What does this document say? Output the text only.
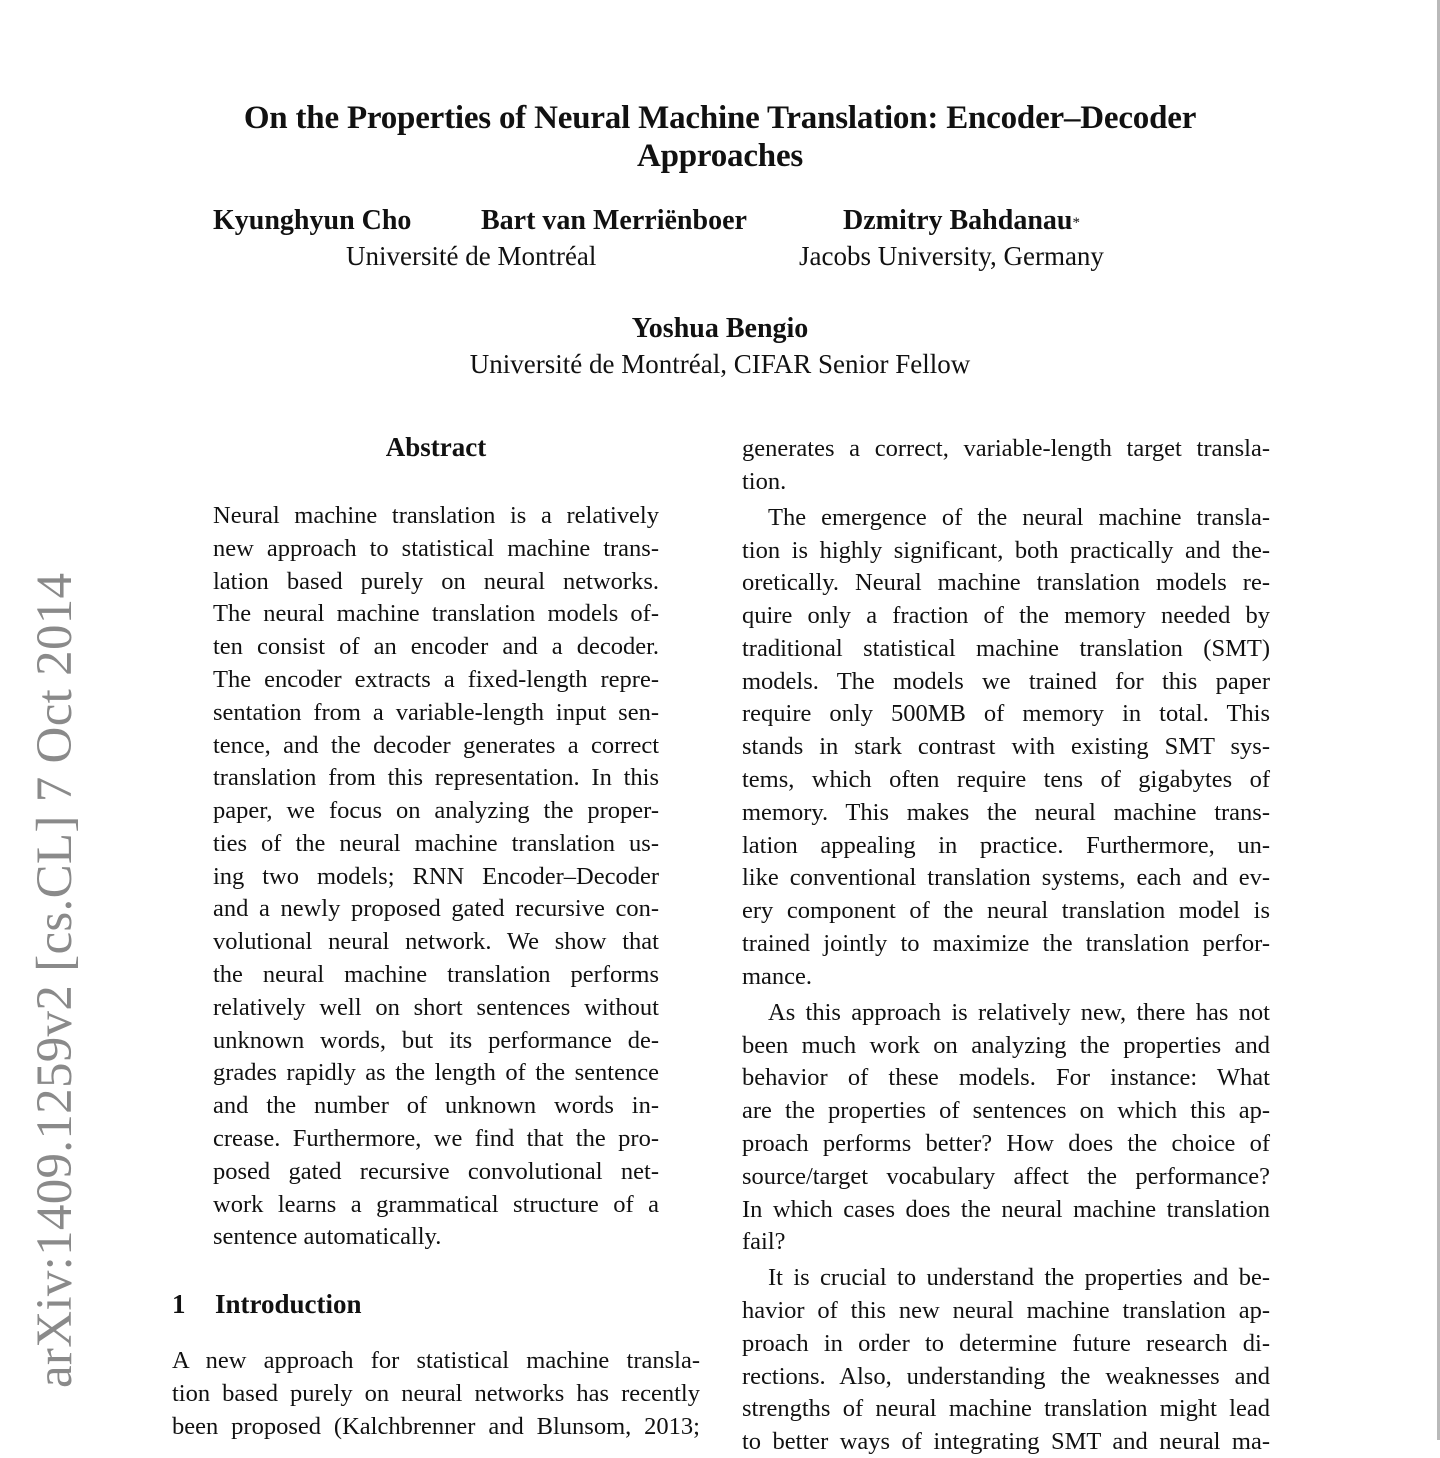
arXiv:1409.1259v2 [cs.CL] 7 Oct 2014
On the Properties of Neural Machine Translation: Encoder–Decoder
Approaches
Kyunghyun Cho Bart van Merriënboer	Dzmitry Bahdanau*
Université de Montréal	Jacobs University, Germany
Yoshua Bengio
Université de Montréal, CIFAR Senior Fellow
Abstract
Neural machine translation is a relatively
new approach to statistical machine trans-
lation based purely on neural networks.
The neural machine translation models of-
ten consist of an encoder and a decoder.
The encoder extracts a fixed-length repre-
sentation from a variable-length input sen-
tence, and the decoder generates a correct
translation from this representation. In this
paper, we focus on analyzing the proper-
ties of the neural machine translation us-
ing two models; RNN Encoder–Decoder
and a newly proposed gated recursive con-
volutional neural network. We show that
the neural machine translation performs
relatively well on short sentences without
unknown words, but its performance de-
grades rapidly as the length of the sentence
and the number of unknown words in-
crease. Furthermore, we find that the pro-
posed gated recursive convolutional net-
work learns a grammatical structure of a
sentence automatically.
1 Introduction
A new approach for statistical machine transla-
tion based purely on neural networks has recently
been proposed (Kalchbrenner and Blunsom, 2013;
generates a correct, variable-length target transla-
tion.
The emergence of the neural machine transla-
tion is highly significant, both practically and the-
oretically. Neural machine translation models re-
quire only a fraction of the memory needed by
traditional statistical machine translation (SMT)
models. The models we trained for this paper
require only 500MB of memory in total. This
stands in stark contrast with existing SMT sys-
tems, which often require tens of gigabytes of
memory. This makes the neural machine trans-
lation appealing in practice. Furthermore, un-
like conventional translation systems, each and ev-
ery component of the neural translation model is
trained jointly to maximize the translation perfor-
mance.
As this approach is relatively new, there has not
been much work on analyzing the properties and
behavior of these models. For instance: What
are the properties of sentences on which this ap-
proach performs better? How does the choice of
source/target vocabulary affect the performance?
In which cases does the neural machine translation
fail?
It is crucial to understand the properties and be-
havior of this new neural machine translation ap-
proach in order to determine future research di-
rections. Also, understanding the weaknesses and
strengths of neural machine translation might lead
to better ways of integrating SMT and neural ma-
